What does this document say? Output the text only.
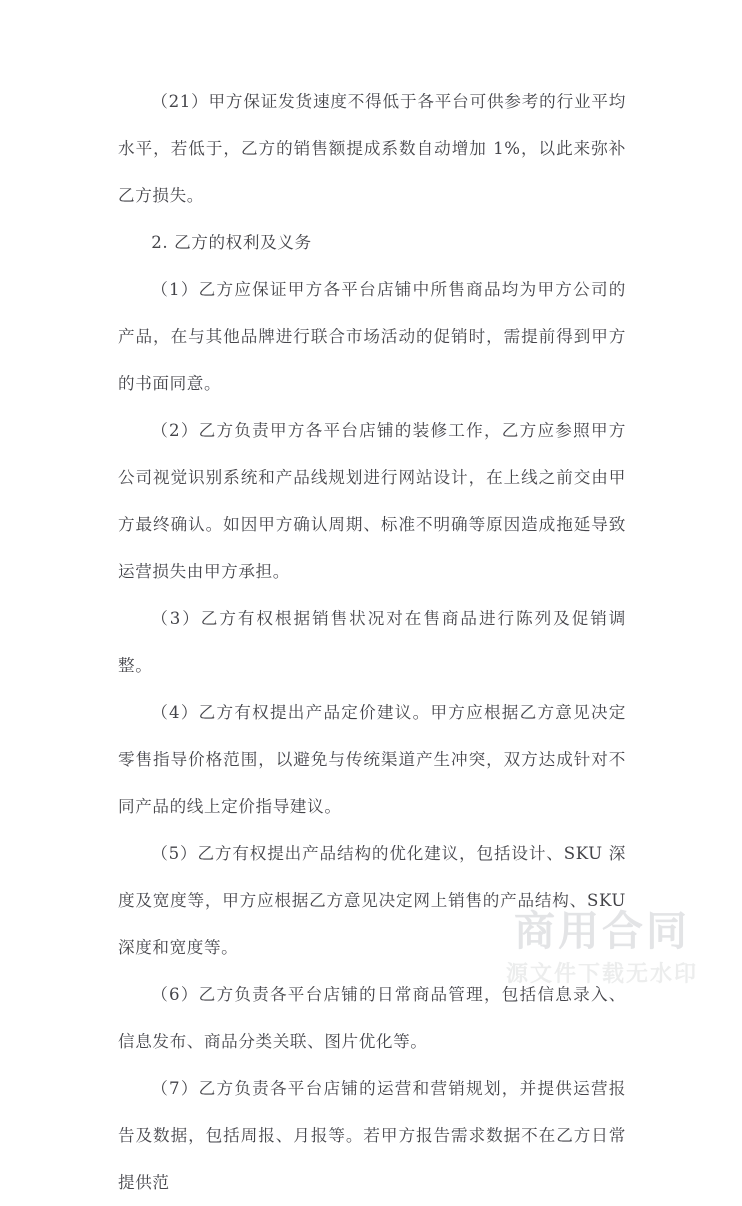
（21）甲方保证发货速度不得低于各平台可供参考的行业平均水平，若低于，乙方的销售额提成系数自动增加 1%，以此来弥补乙方损失。

2. 乙方的权利及义务

（1）乙方应保证甲方各平台店铺中所售商品均为甲方公司的产品，在与其他品牌进行联合市场活动的促销时，需提前得到甲方的书面同意。

（2）乙方负责甲方各平台店铺的装修工作，乙方应参照甲方公司视觉识别系统和产品线规划进行网站设计，在上线之前交由甲方最终确认。如因甲方确认周期、标准不明确等原因造成拖延导致运营损失由甲方承担。

（3）乙方有权根据销售状况对在售商品进行陈列及促销调整。

（4）乙方有权提出产品定价建议。甲方应根据乙方意见决定零售指导价格范围，以避免与传统渠道产生冲突，双方达成针对不同产品的线上定价指导建议。

（5）乙方有权提出产品结构的优化建议，包括设计、SKU 深度及宽度等，甲方应根据乙方意见决定网上销售的产品结构、SKU 深度和宽度等。

（6）乙方负责各平台店铺的日常商品管理，包括信息录入、信息发布、商品分类关联、图片优化等。

（7）乙方负责各平台店铺的运营和营销规划，并提供运营报告及数据，包括周报、月报等。若甲方报告需求数据不在乙方日常提供范

商用合同
源文件下载无水印
